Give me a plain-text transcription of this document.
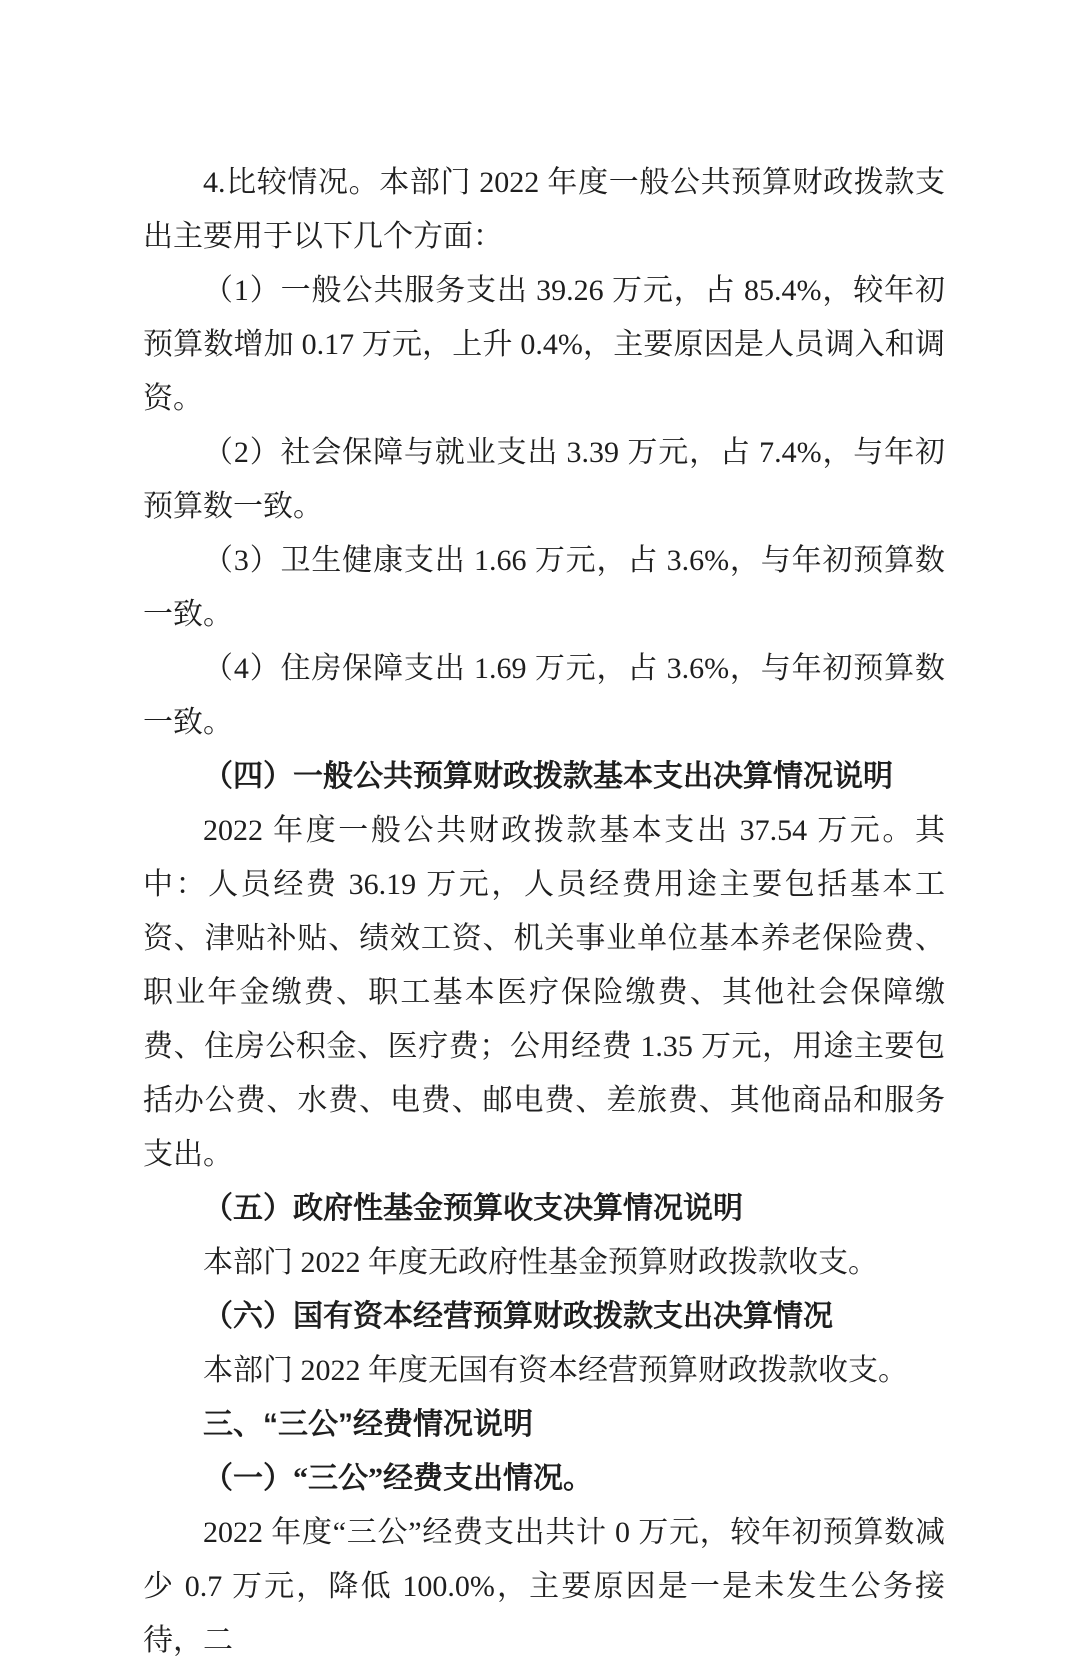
4.比较情况。本部门 2022 年度一般公共预算财政拨款支出主要用于以下几个方面：

（1）一般公共服务支出 39.26 万元，占 85.4%，较年初预算数增加 0.17 万元，上升 0.4%，主要原因是人员调入和调资。

（2）社会保障与就业支出 3.39 万元，占 7.4%，与年初预算数一致。

（3）卫生健康支出 1.66 万元，占 3.6%，与年初预算数一致。

（4）住房保障支出 1.69 万元，占 3.6%，与年初预算数一致。

（四）一般公共预算财政拨款基本支出决算情况说明

2022 年度一般公共财政拨款基本支出 37.54 万元。其中：人员经费 36.19 万元，人员经费用途主要包括基本工资、津贴补贴、绩效工资、机关事业单位基本养老保险费、职业年金缴费、职工基本医疗保险缴费、其他社会保障缴费、住房公积金、医疗费；公用经费 1.35 万元，用途主要包括办公费、水费、电费、邮电费、差旅费、其他商品和服务支出。

（五）政府性基金预算收支决算情况说明

本部门 2022 年度无政府性基金预算财政拨款收支。

（六）国有资本经营预算财政拨款支出决算情况

本部门 2022 年度无国有资本经营预算财政拨款收支。

三、“三公”经费情况说明

（一）“三公”经费支出情况。

2022 年度“三公”经费支出共计 0 万元，较年初预算数减少 0.7 万元，降低 100.0%，主要原因是一是未发生公务接待，二
